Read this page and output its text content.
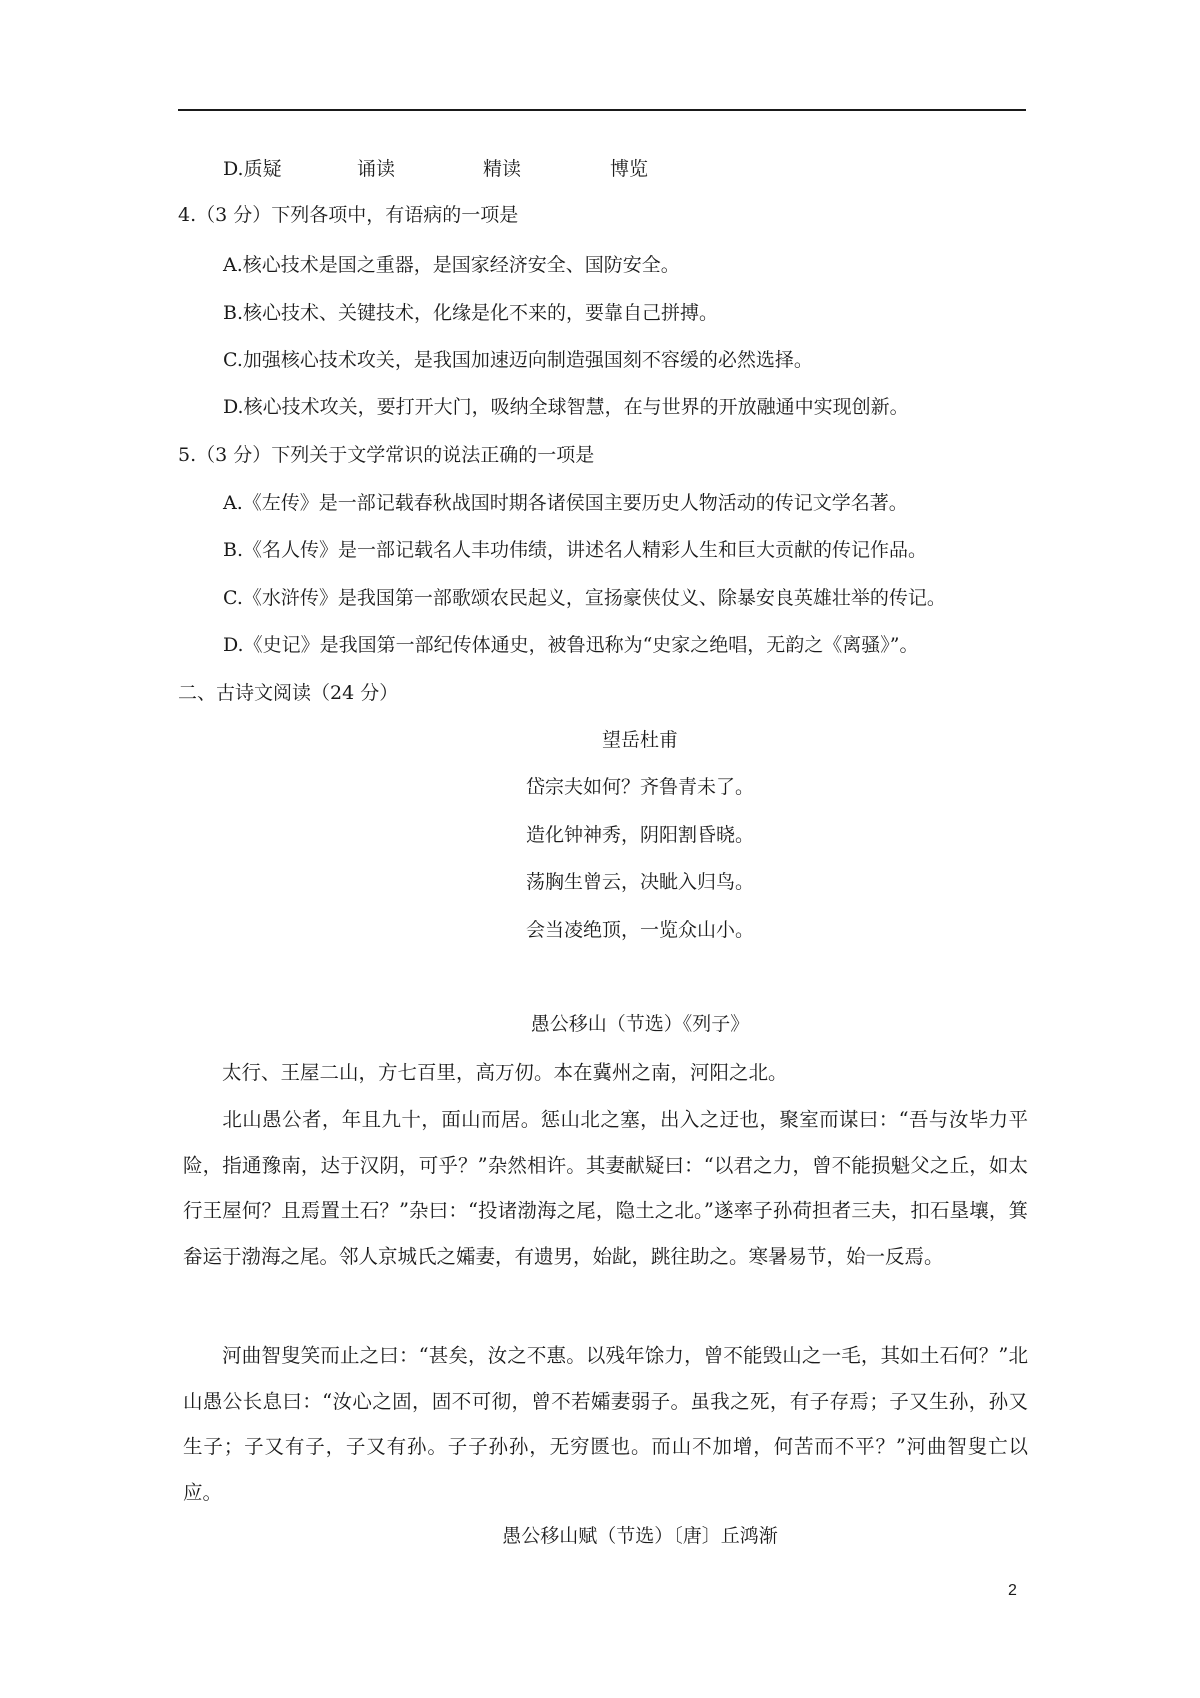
D.质疑	诵读	精读	博览
4.（3 分）下列各项中，有语病的一项是
A.核心技术是国之重器，是国家经济安全、国防安全。
B.核心技术、关键技术，化缘是化不来的，要靠自己拼搏。
C.加强核心技术攻关，是我国加速迈向制造强国刻不容缓的必然选择。
D.核心技术攻关，要打开大门，吸纳全球智慧，在与世界的开放融通中实现创新。
5.（3 分）下列关于文学常识的说法正确的一项是
A.《左传》是一部记载春秋战国时期各诸侯国主要历史人物活动的传记文学名著。
B.《名人传》是一部记载名人丰功伟绩，讲述名人精彩人生和巨大贡献的传记作品。
C.《水浒传》是我国第一部歌颂农民起义，宣扬豪侠仗义、除暴安良英雄壮举的传记。
D.《史记》是我国第一部纪传体通史，被鲁迅称为“史家之绝唱，无韵之《离骚》”。
二、古诗文阅读（24 分）
望岳杜甫
岱宗夫如何？齐鲁青未了。
造化钟神秀，阴阳割昏晓。
荡胸生曾云，决眦入归鸟。
会当凌绝顶，一览众山小。
愚公移山（节选）《列子》
太行、王屋二山，方七百里，高万仞。本在冀州之南，河阳之北。
北山愚公者，年且九十，面山而居。惩山北之塞，出入之迂也，聚室而谋曰：“吾与汝毕力平险，指通豫南，达于汉阴，可乎？”杂然相许。其妻献疑曰：“以君之力，曾不能损魁父之丘，如太行王屋何？且焉置土石？”杂曰：“投诸渤海之尾，隐土之北。”遂率子孙荷担者三夫，扣石垦壤，箕畚运于渤海之尾。邻人京城氏之孀妻，有遗男，始龀，跳往助之。寒暑易节，始一反焉。
河曲智叟笑而止之曰：“甚矣，汝之不惠。以残年馀力，曾不能毁山之一毛，其如土石何？”北山愚公长息曰：“汝心之固，固不可彻，曾不若孀妻弱子。虽我之死，有子存焉；子又生孙，孙又生子；子又有子，子又有孙。子子孙孙，无穷匮也。而山不加增，何苦而不平？”河曲智叟亡以应。
愚公移山赋（节选）〔唐〕丘鸿渐
2
